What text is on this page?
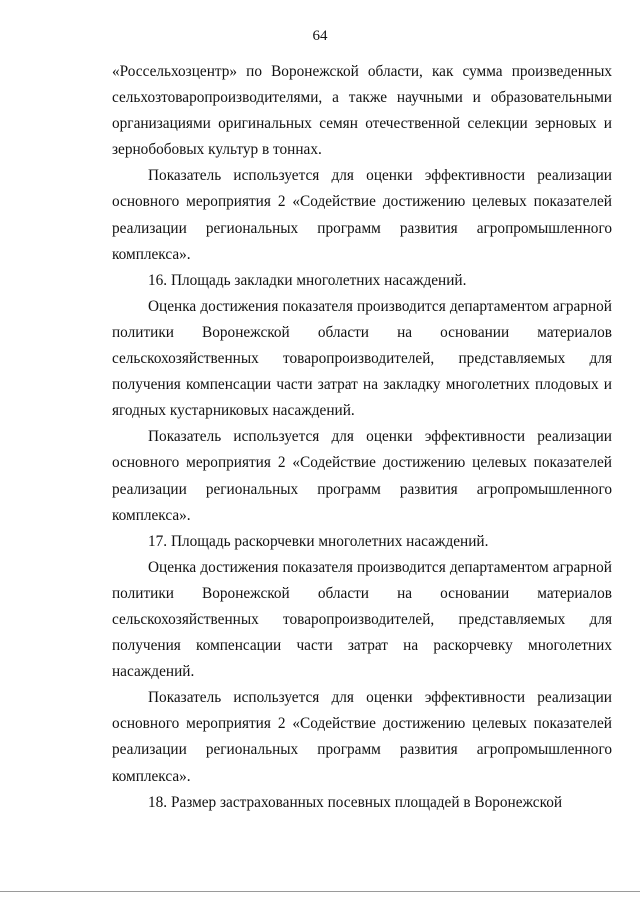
64

«Россельхозцентр» по Воронежской области, как сумма произведенных сельхозтоваропроизводителями, а также научными и образовательными организациями оригинальных семян отечественной селекции зерновых и зернобобовых культур в тоннах.

Показатель используется для оценки эффективности реализации основного мероприятия 2 «Содействие достижению целевых показателей реализации региональных программ развития агропромышленного комплекса».

16. Площадь закладки многолетних насаждений.

Оценка достижения показателя производится департаментом аграрной политики Воронежской области на основании материалов сельскохозяйственных товаропроизводителей, представляемых для получения компенсации части затрат на закладку многолетних плодовых и ягодных кустарниковых насаждений.

Показатель используется для оценки эффективности реализации основного мероприятия 2 «Содействие достижению целевых показателей реализации региональных программ развития агропромышленного комплекса».

17. Площадь раскорчевки многолетних насаждений.

Оценка достижения показателя производится департаментом аграрной политики Воронежской области на основании материалов сельскохозяйственных товаропроизводителей, представляемых для получения компенсации части затрат на раскорчевку многолетних насаждений.

Показатель используется для оценки эффективности реализации основного мероприятия 2 «Содействие достижению целевых показателей реализации региональных программ развития агропромышленного комплекса».

18. Размер застрахованных посевных площадей в Воронежской
